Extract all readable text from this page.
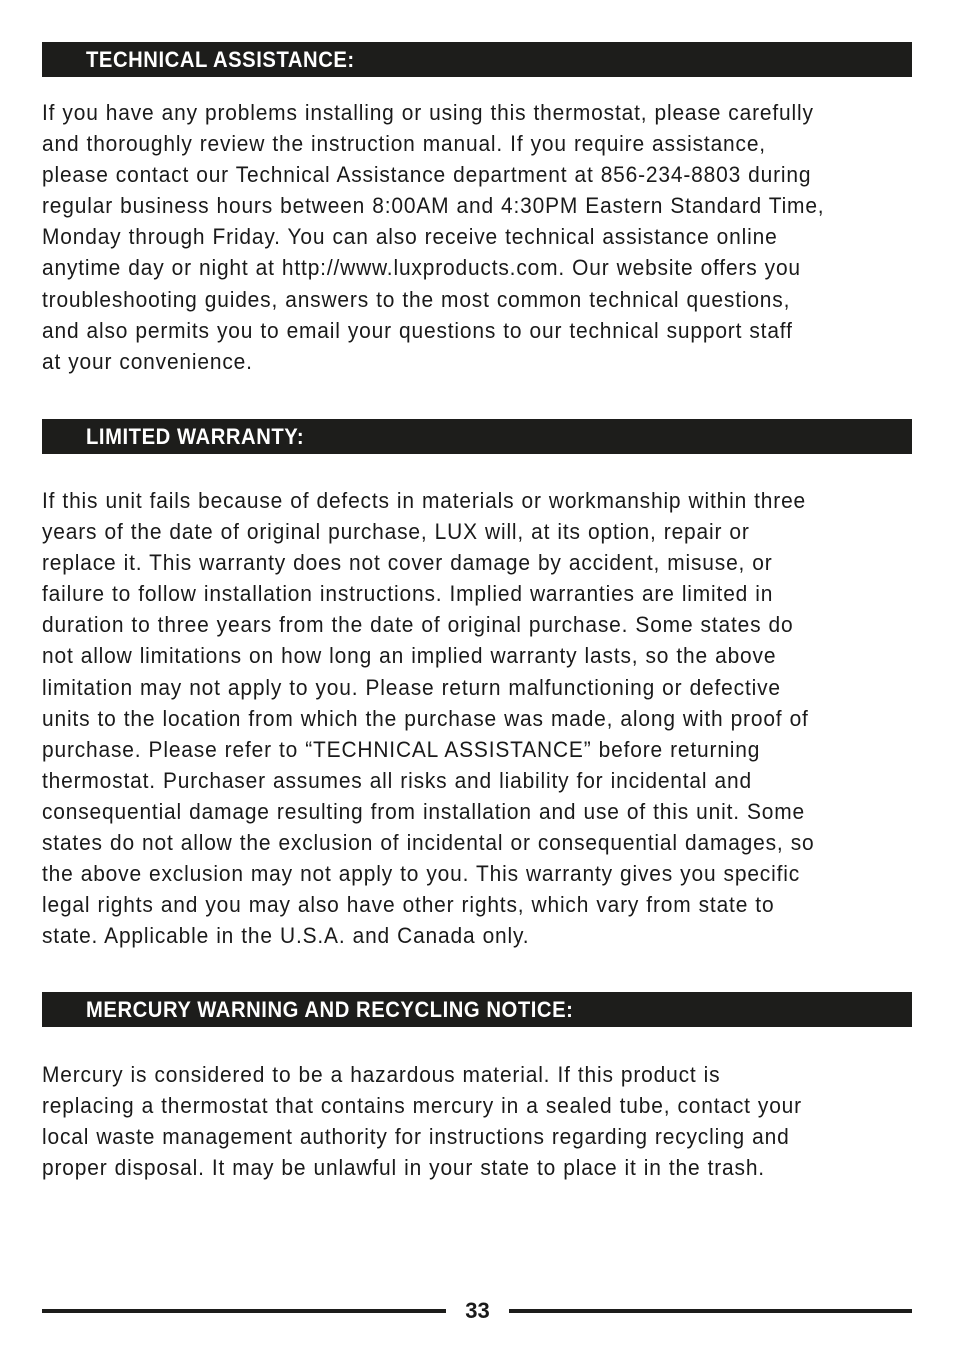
TECHNICAL ASSISTANCE:

If you have any problems installing or using this thermostat, please carefully
and thoroughly review the instruction manual. If you require assistance,
please contact our Technical Assistance department at 856-234-8803 during
regular business hours between 8:00AM and 4:30PM Eastern Standard Time,
Monday through Friday. You can also receive technical assistance online
anytime day or night at http://www.luxproducts.com. Our website offers you
troubleshooting guides, answers to the most common technical questions,
and also permits you to email your questions to our technical support staff
at your convenience.

LIMITED WARRANTY:

If this unit fails because of defects in materials or workmanship within three
years of the date of original purchase, LUX will, at its option, repair or
replace it. This warranty does not cover damage by accident, misuse, or
failure to follow installation instructions. Implied warranties are limited in
duration to three years from the date of original purchase. Some states do
not allow limitations on how long an implied warranty lasts, so the above
limitation may not apply to you. Please return malfunctioning or defective
units to the location from which the purchase was made, along with proof of
purchase. Please refer to “TECHNICAL ASSISTANCE” before returning
thermostat. Purchaser assumes all risks and liability for incidental and
consequential damage resulting from installation and use of this unit. Some
states do not allow the exclusion of incidental or consequential damages, so
the above exclusion may not apply to you. This warranty gives you specific
legal rights and you may also have other rights, which vary from state to
state. Applicable in the U.S.A. and Canada only.

MERCURY WARNING AND RECYCLING NOTICE:

Mercury is considered to be a hazardous material. If this product is
replacing a thermostat that contains mercury in a sealed tube, contact your
local waste management authority for instructions regarding recycling and
proper disposal. It may be unlawful in your state to place it in the trash.

33
